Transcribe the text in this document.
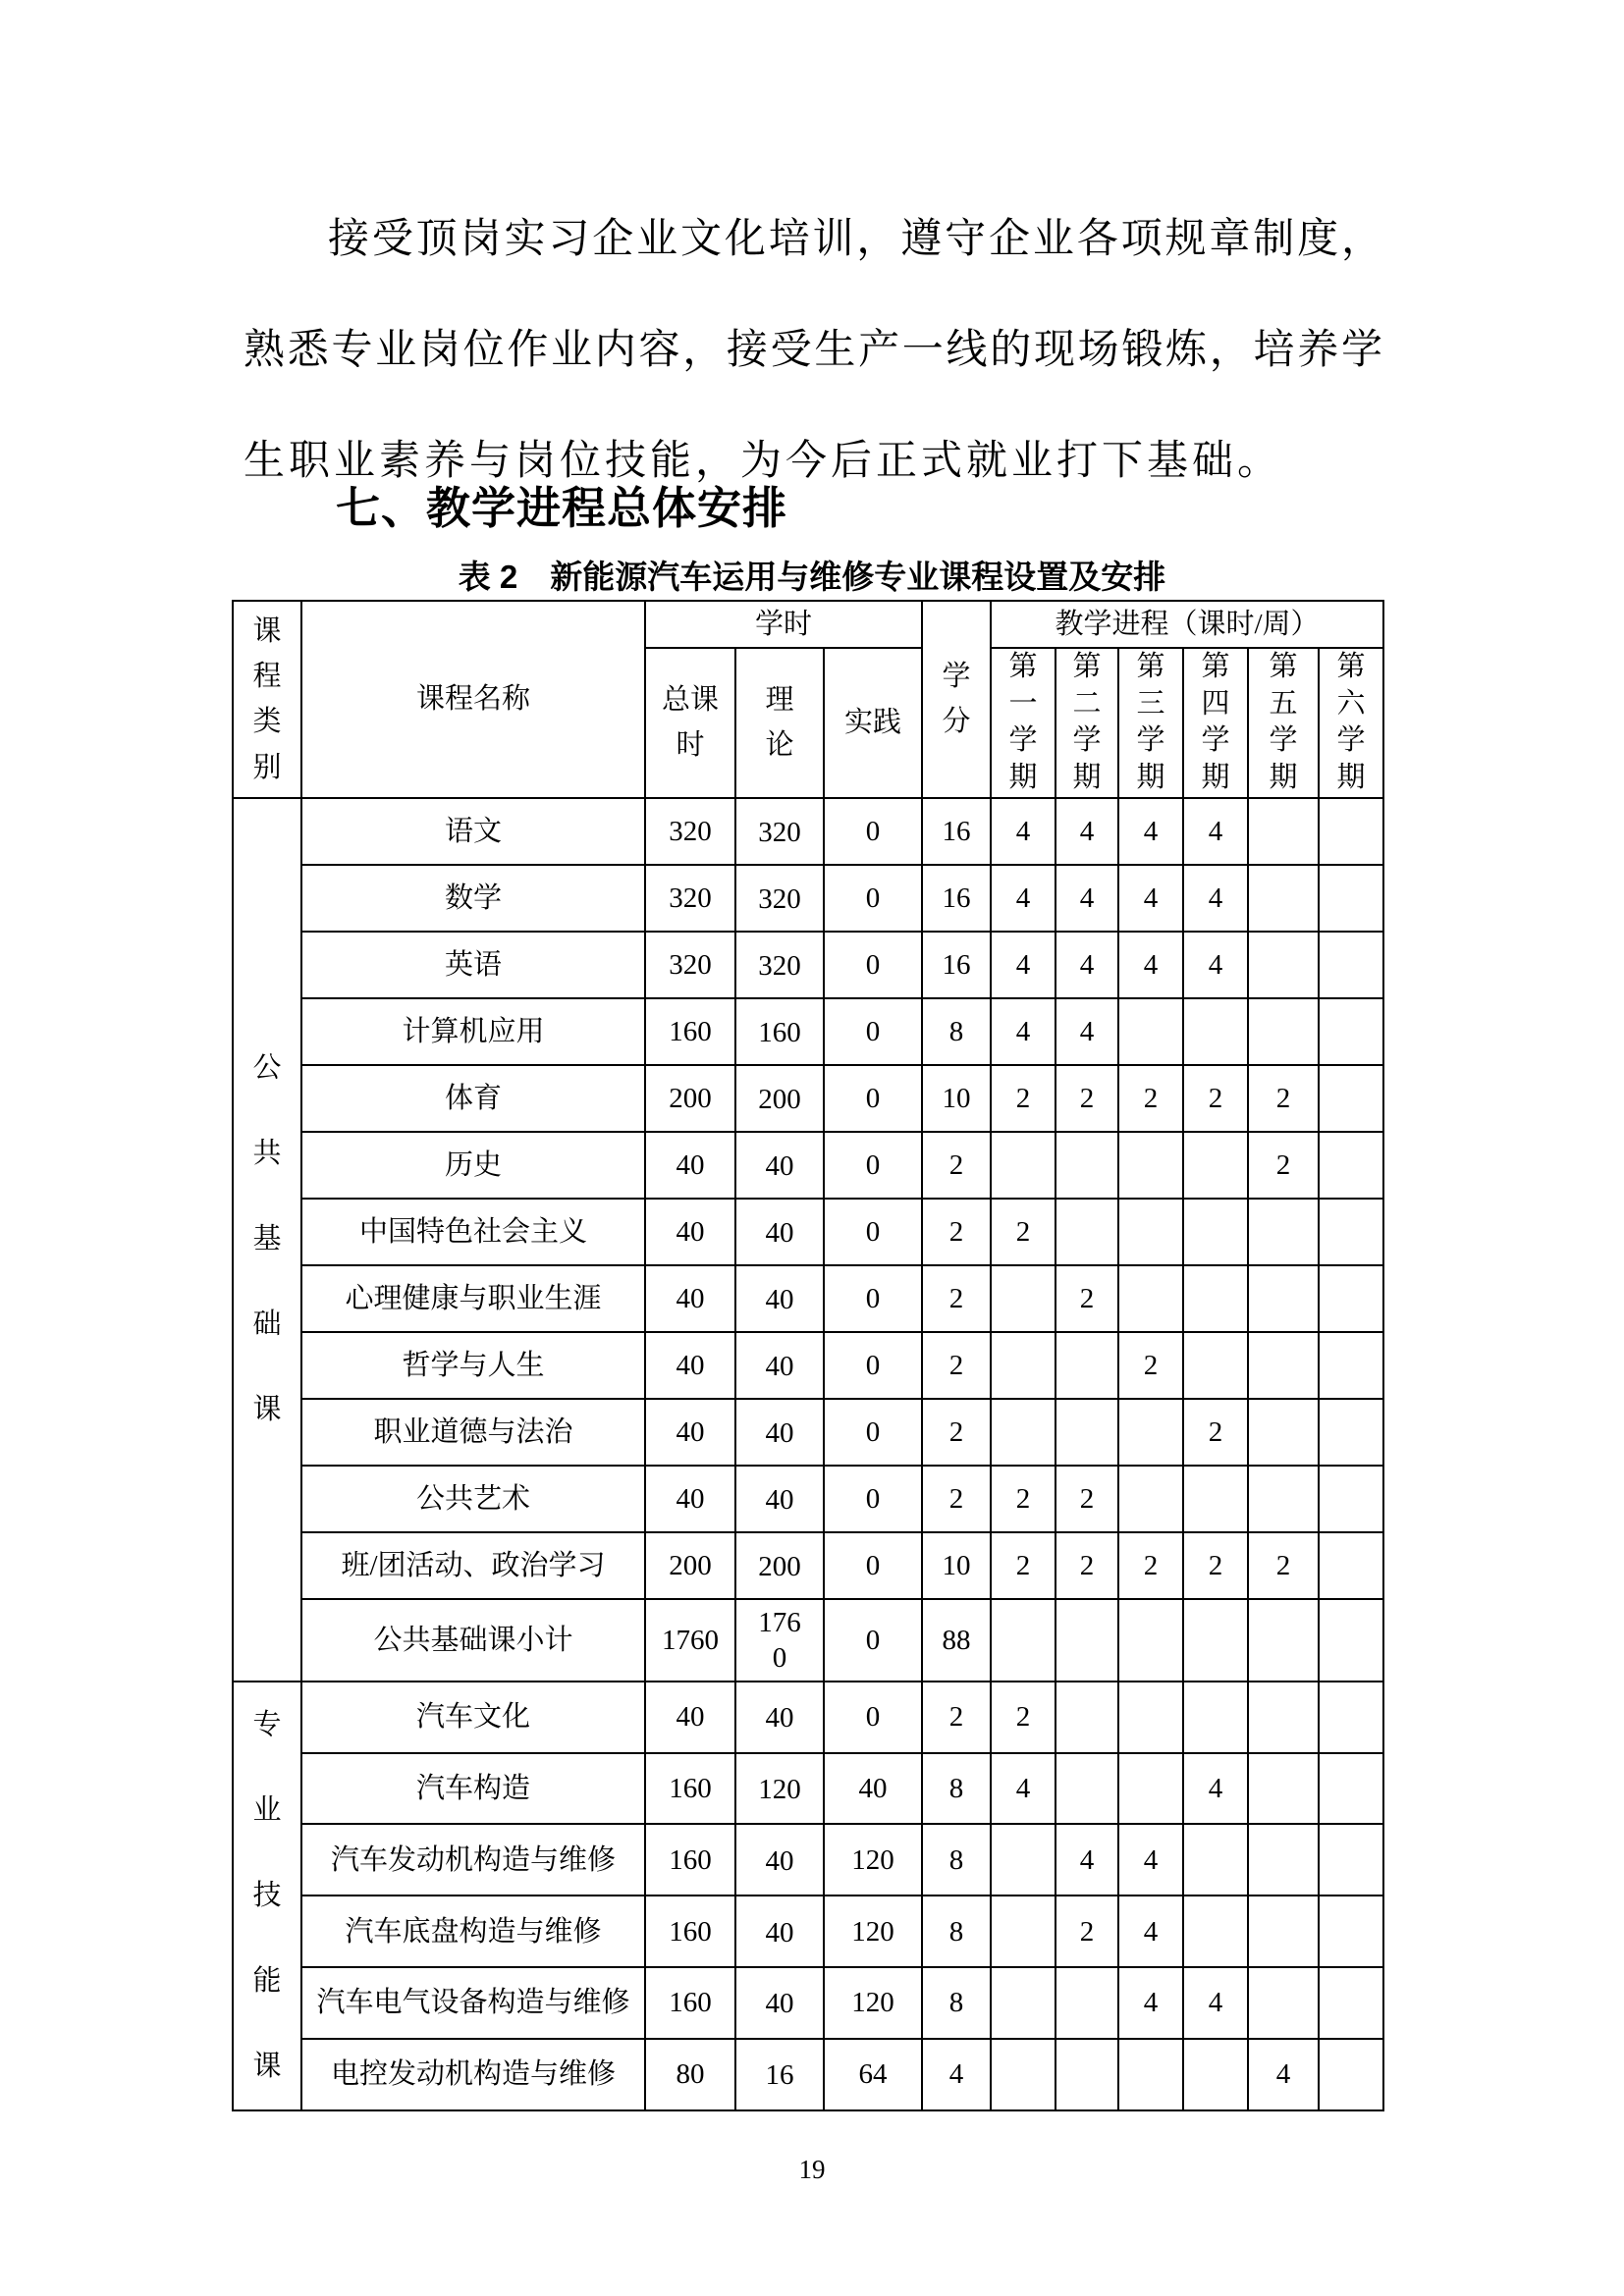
接受顶岗实习企业文化培训，遵守企业各项规章制度，
熟悉专业岗位作业内容，接受生产一线的现场锻炼，培养学
生职业素养与岗位技能，为今后正式就业打下基础。
七、教学进程总体安排
表 2　新能源汽车运用与维修专业课程设置及安排
课程类别	课程名称	学时			学分	教学进程（课时/周）					
		总课时	理论	实践		第一学期	第二学期	第三学期	第四学期	第五学期	第六学期
公共基础课	语文	320	320	0	16	4	4	4	4		
	数学	320	320	0	16	4	4	4	4		
	英语	320	320	0	16	4	4	4	4		
	计算机应用	160	160	0	8	4	4				
	体育	200	200	0	10	2	2	2	2	2	
	历史	40	40	0	2					2	
	中国特色社会主义	40	40	0	2	2					
	心理健康与职业生涯	40	40	0	2		2				
	哲学与人生	40	40	0	2			2			
	职业道德与法治	40	40	0	2				2		
	公共艺术	40	40	0	2	2	2				
	班/团活动、政治学习	200	200	0	10	2	2	2	2	2	
	公共基础课小计	1760	1760	0	88						
专业技能课	汽车文化	40	40	0	2	2					
	汽车构造	160	120	40	8	4			4		
	汽车发动机构造与维修	160	40	120	8		4	4			
	汽车底盘构造与维修	160	40	120	8		2	4			
	汽车电气设备构造与维修	160	40	120	8			4	4		
	电控发动机构造与维修	80	16	64	4					4	
19
